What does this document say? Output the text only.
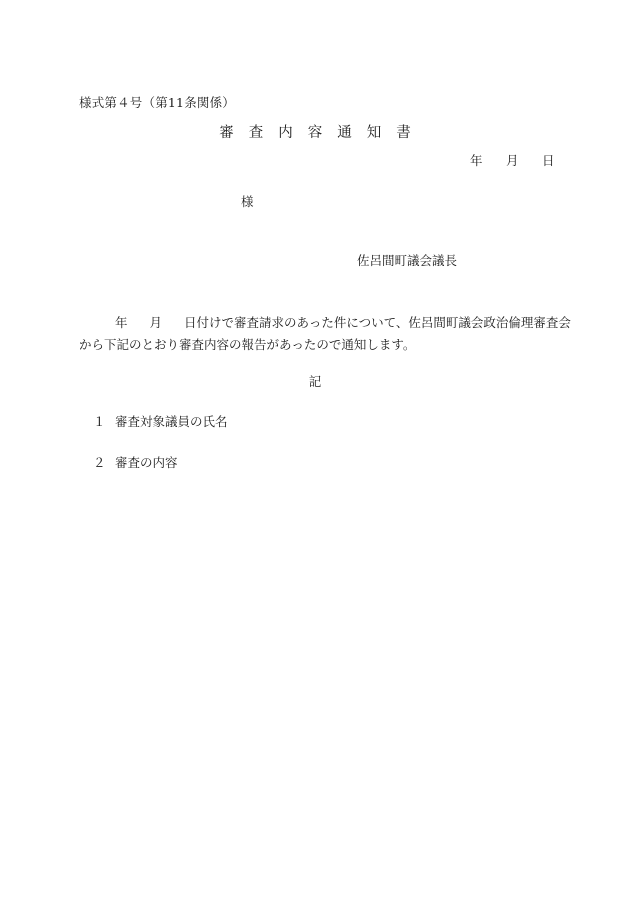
様式第４号（第11条関係）
審 査 内 容 通 知 書
年 月 日
様
佐呂間町議会議長
年 月 日付けで審査請求のあった件について、佐呂間町議会政治倫理審査会
から下記のとおり審査内容の報告があったので通知します。
記
１ 審査対象議員の氏名
２ 審査の内容
